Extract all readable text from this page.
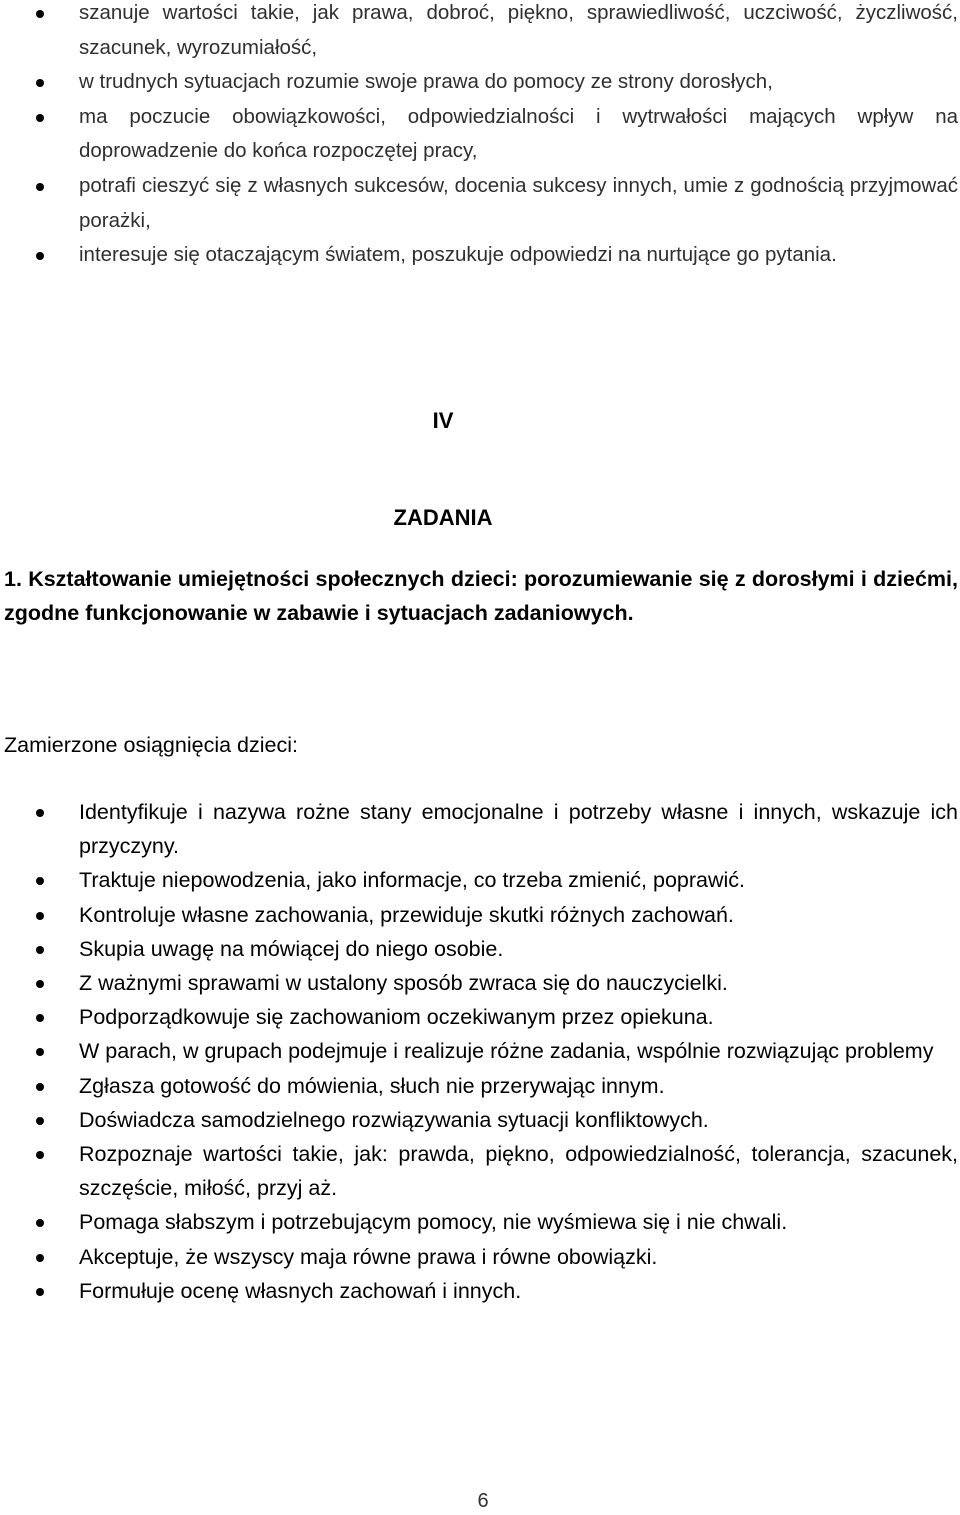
szanuje wartości takie, jak prawa, dobroć, piękno, sprawiedliwość, uczciwość, życzliwość, szacunek, wyrozumiałość,
w trudnych sytuacjach rozumie swoje prawa do pomocy ze strony dorosłych,
ma poczucie obowiązkowości, odpowiedzialności i wytrwałości mających wpływ na doprowadzenie do końca rozpoczętej pracy,
potrafi cieszyć się z własnych sukcesów, docenia sukcesy innych, umie z godnością przyjmować porażki,
interesuje się otaczającym światem, poszukuje odpowiedzi na nurtujące go pytania.
IV
ZADANIA
1. Kształtowanie umiejętności społecznych dzieci: porozumiewanie się z dorosłymi i dziećmi, zgodne funkcjonowanie w zabawie i sytuacjach zadaniowych.
Zamierzone osiągnięcia dzieci:
Identyfikuje i nazywa rożne stany emocjonalne i potrzeby własne i innych, wskazuje ich przyczyny.
Traktuje niepowodzenia, jako informacje, co trzeba zmienić, poprawić.
Kontroluje własne zachowania, przewiduje skutki różnych zachowań.
Skupia uwagę na mówiącej do niego osobie.
Z ważnymi sprawami w ustalony sposób zwraca się do nauczycielki.
Podporządkowuje się zachowaniom oczekiwanym przez opiekuna.
W parach, w grupach podejmuje i realizuje różne zadania, wspólnie rozwiązując problemy
Zgłasza gotowość do mówienia, słuch nie przerywając innym.
Doświadcza samodzielnego rozwiązywania sytuacji konfliktowych.
Rozpoznaje wartości takie, jak: prawda, piękno, odpowiedzialność, tolerancja, szacunek, szczęście, miłość, przyj aż.
Pomaga słabszym i potrzebującym pomocy, nie wyśmiewa się i nie chwali.
Akceptuje, że wszyscy maja równe prawa i równe obowiązki.
Formułuje ocenę własnych zachowań i innych.
6
